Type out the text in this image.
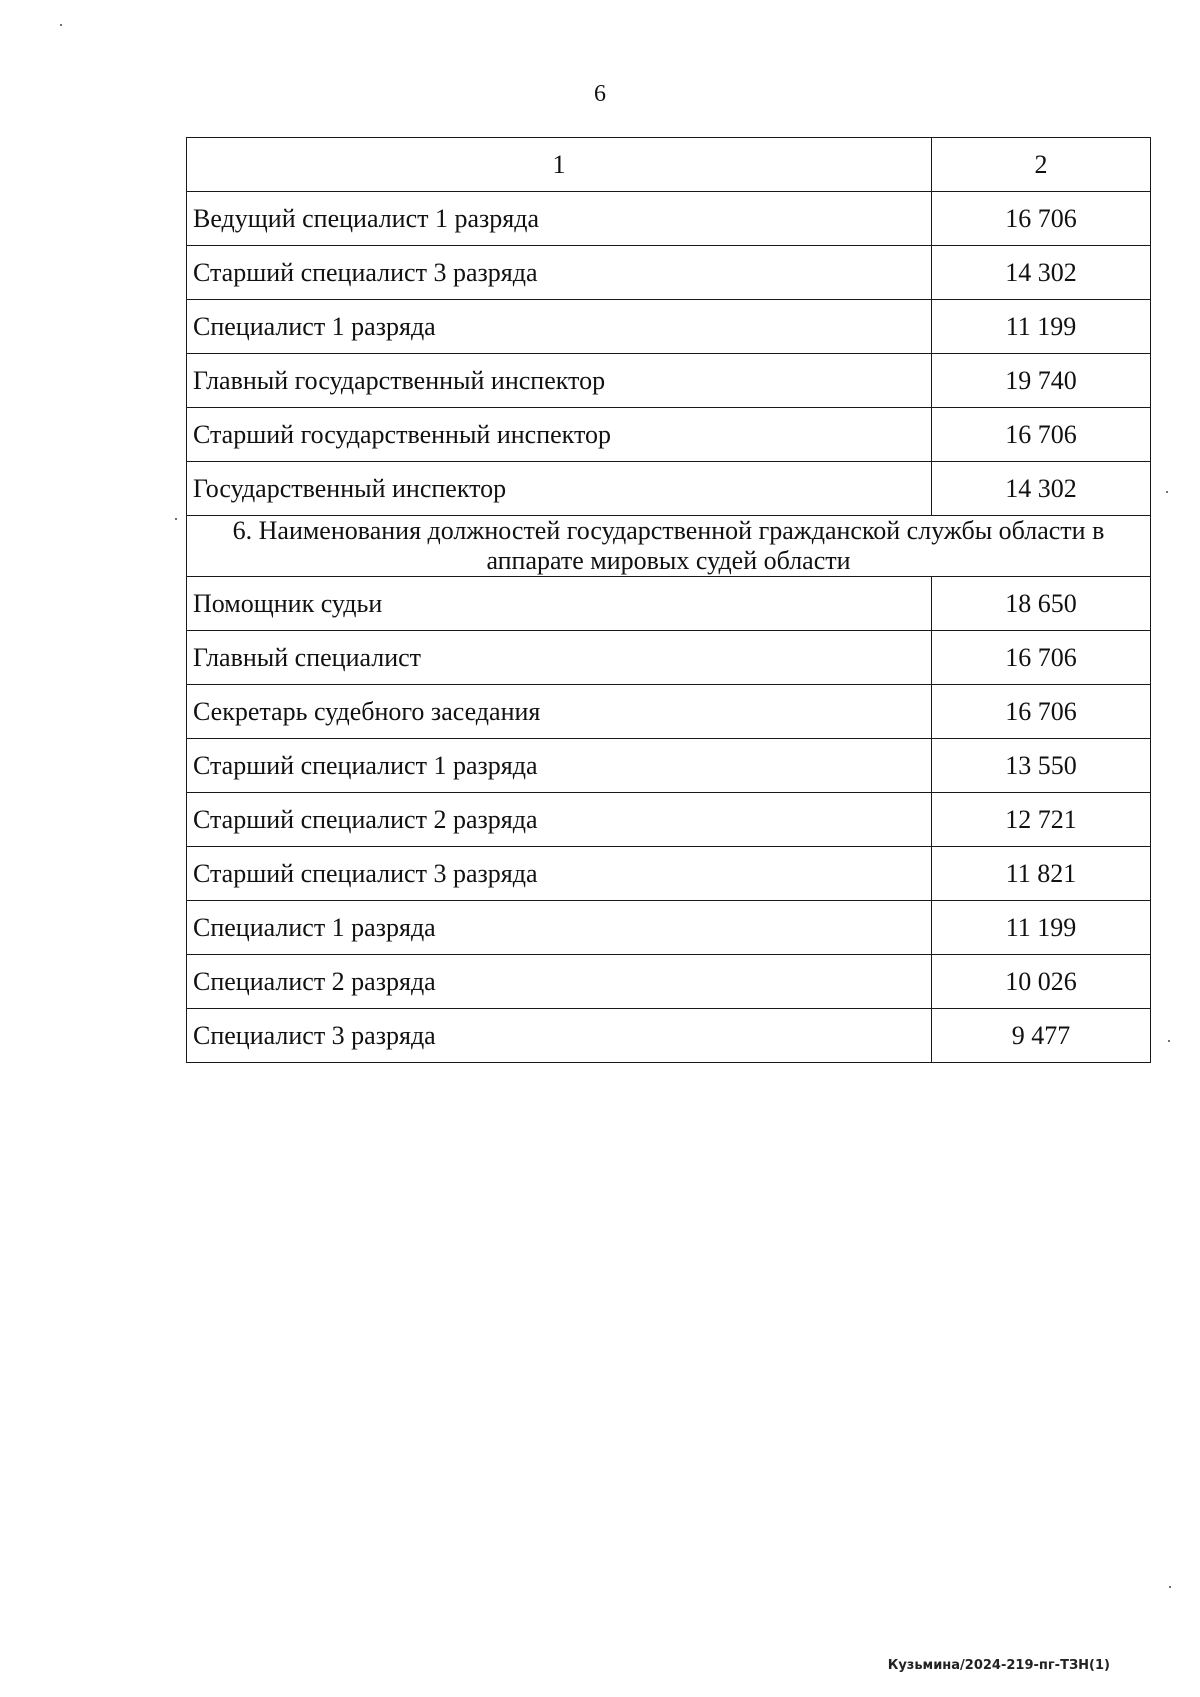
6
1	2
Ведущий специалист 1 разряда	16 706
Старший специалист 3 разряда	14 302
Специалист 1 разряда	11 199
Главный государственный инспектор	19 740
Старший государственный инспектор	16 706
Государственный инспектор	14 302
6. Наименования должностей государственной гражданской службы области в аппарате мировых судей области	
Помощник судьи	18 650
Главный специалист	16 706
Секретарь судебного заседания	16 706
Старший специалист 1 разряда	13 550
Старший специалист 2 разряда	12 721
Старший специалист 3 разряда	11 821
Специалист 1 разряда	11 199
Специалист 2 разряда	10 026
Специалист 3 разряда	9 477
Кузьмина/2024-219-пг-ТЗН(1)
